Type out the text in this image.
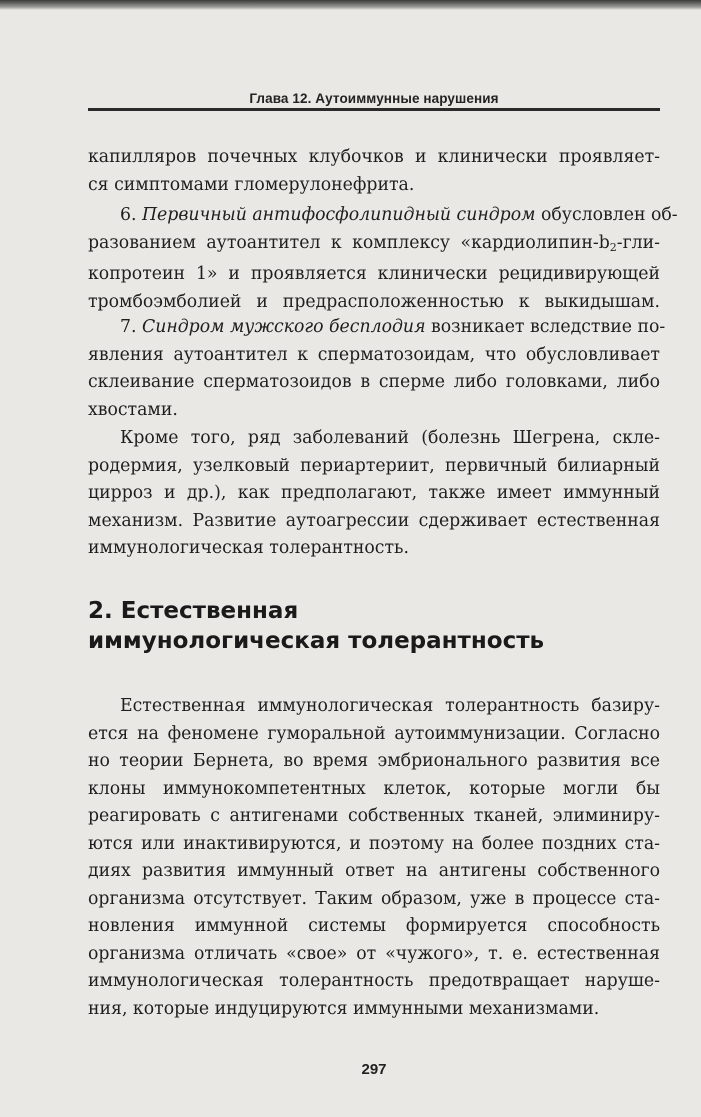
Глава 12. Аутоиммунные нарушения
капилляров почечных клубочков и клинически проявляет-
ся симптомами гломерулонефрита.
6. Первичный антифосфолипидный синдром обусловлен об-
разованием аутоантител к комплексу «$кардиолипин-b_2-гли-$
копротеин 1» и проявляется клинически рецидивирующей
тромбоэмболией и предрасположенностью к выкидышам.
7. Синдром мужского бесплодия возникает вследствие по-
явления аутоантител к сперматозоидам, что обусловливает
склеивание сперматозоидов в сперме либо головками, либо
хвостами.
Кроме того, ряд заболеваний (болезнь Шегрена, скле-
родермия, узелковый периартериит, первичный билиарный
цирроз и др.), как предполагают, также имеет иммунный
механизм. Развитие аутоагрессии сдерживает естественная
иммунологическая толерантность.
2. Естественная
иммунологическая толерантность
Естественная иммунологическая толерантность базиру-
ется на феномене гуморальной аутоиммунизации. Согласно
но теории Бернета, во время эмбрионального развития все
клоны иммунокомпетентных клеток, которые могли бы
реагировать с антигенами собственных тканей, элиминиру-
ются или инактивируются, и поэтому на более поздних ста-
диях развития иммунный ответ на антигены собственного
организма отсутствует. Таким образом, уже в процессе ста-
новления иммунной системы формируется способность
организма отличать «свое» от «чужого», т. е. естественная
иммунологическая толерантность предотвращает наруше-
ния, которые индуцируются иммунными механизмами.
297
